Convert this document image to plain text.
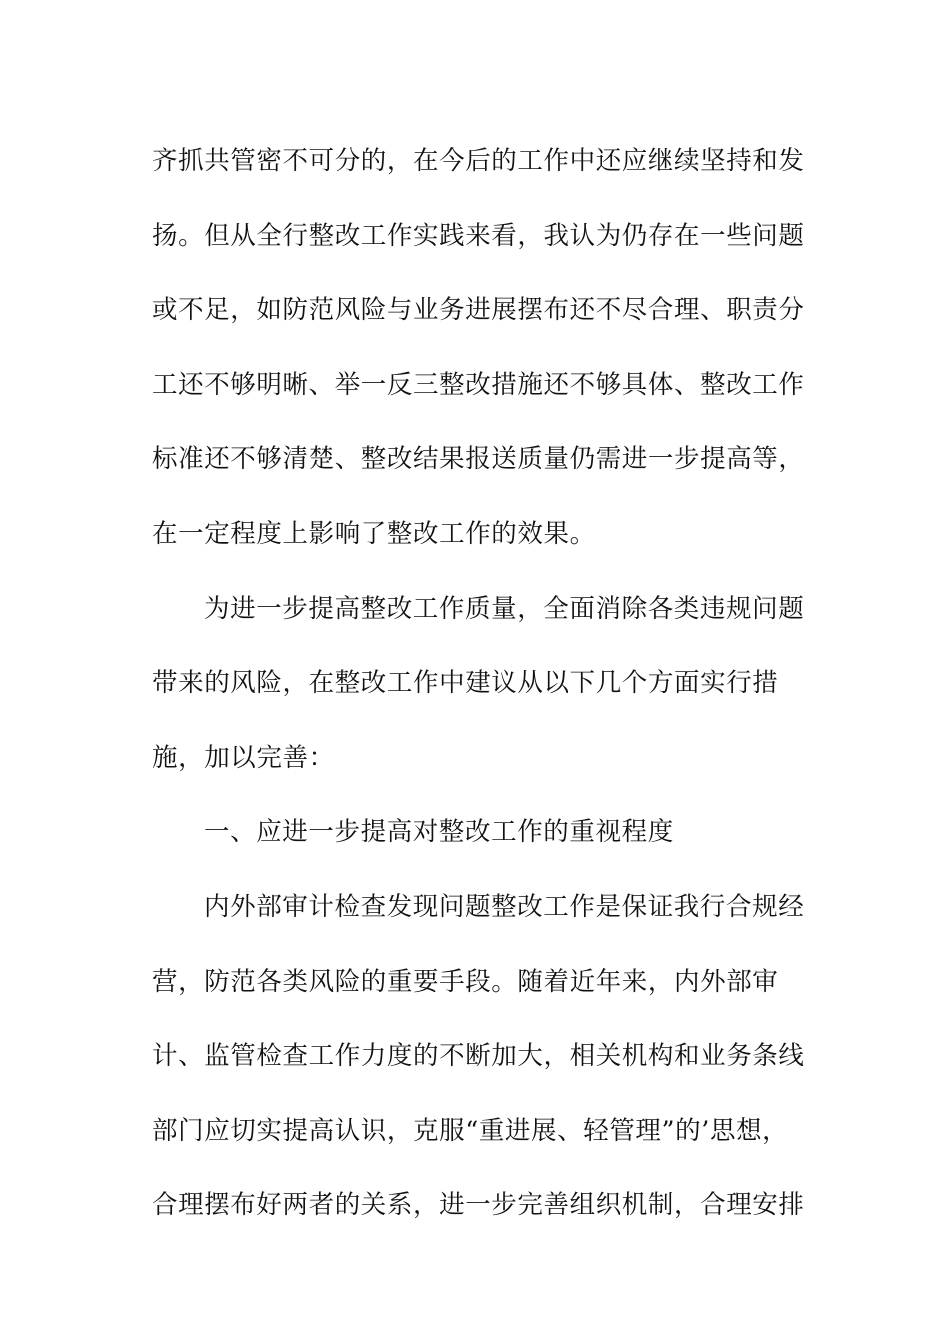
齐抓共管密不可分的，在今后的工作中还应继续坚持和发
扬。但从全行整改工作实践来看，我认为仍存在一些问题
或不足，如防范风险与业务进展摆布还不尽合理、职责分
工还不够明晰、举一反三整改措施还不够具体、整改工作
标准还不够清楚、整改结果报送质量仍需进一步提高等，
在一定程度上影响了整改工作的效果。
为进一步提高整改工作质量，全面消除各类违规问题
带来的风险，在整改工作中建议从以下几个方面实行措
施，加以完善：
一、应进一步提高对整改工作的重视程度
内外部审计检查发现问题整改工作是保证我行合规经
营，防范各类风险的重要手段。随着近年来，内外部审
计、监管检查工作力度的不断加大，相关机构和业务条线
部门应切实提高认识，克服“重进展、轻管理”的’思想，
合理摆布好两者的关系，进一步完善组织机制，合理安排
